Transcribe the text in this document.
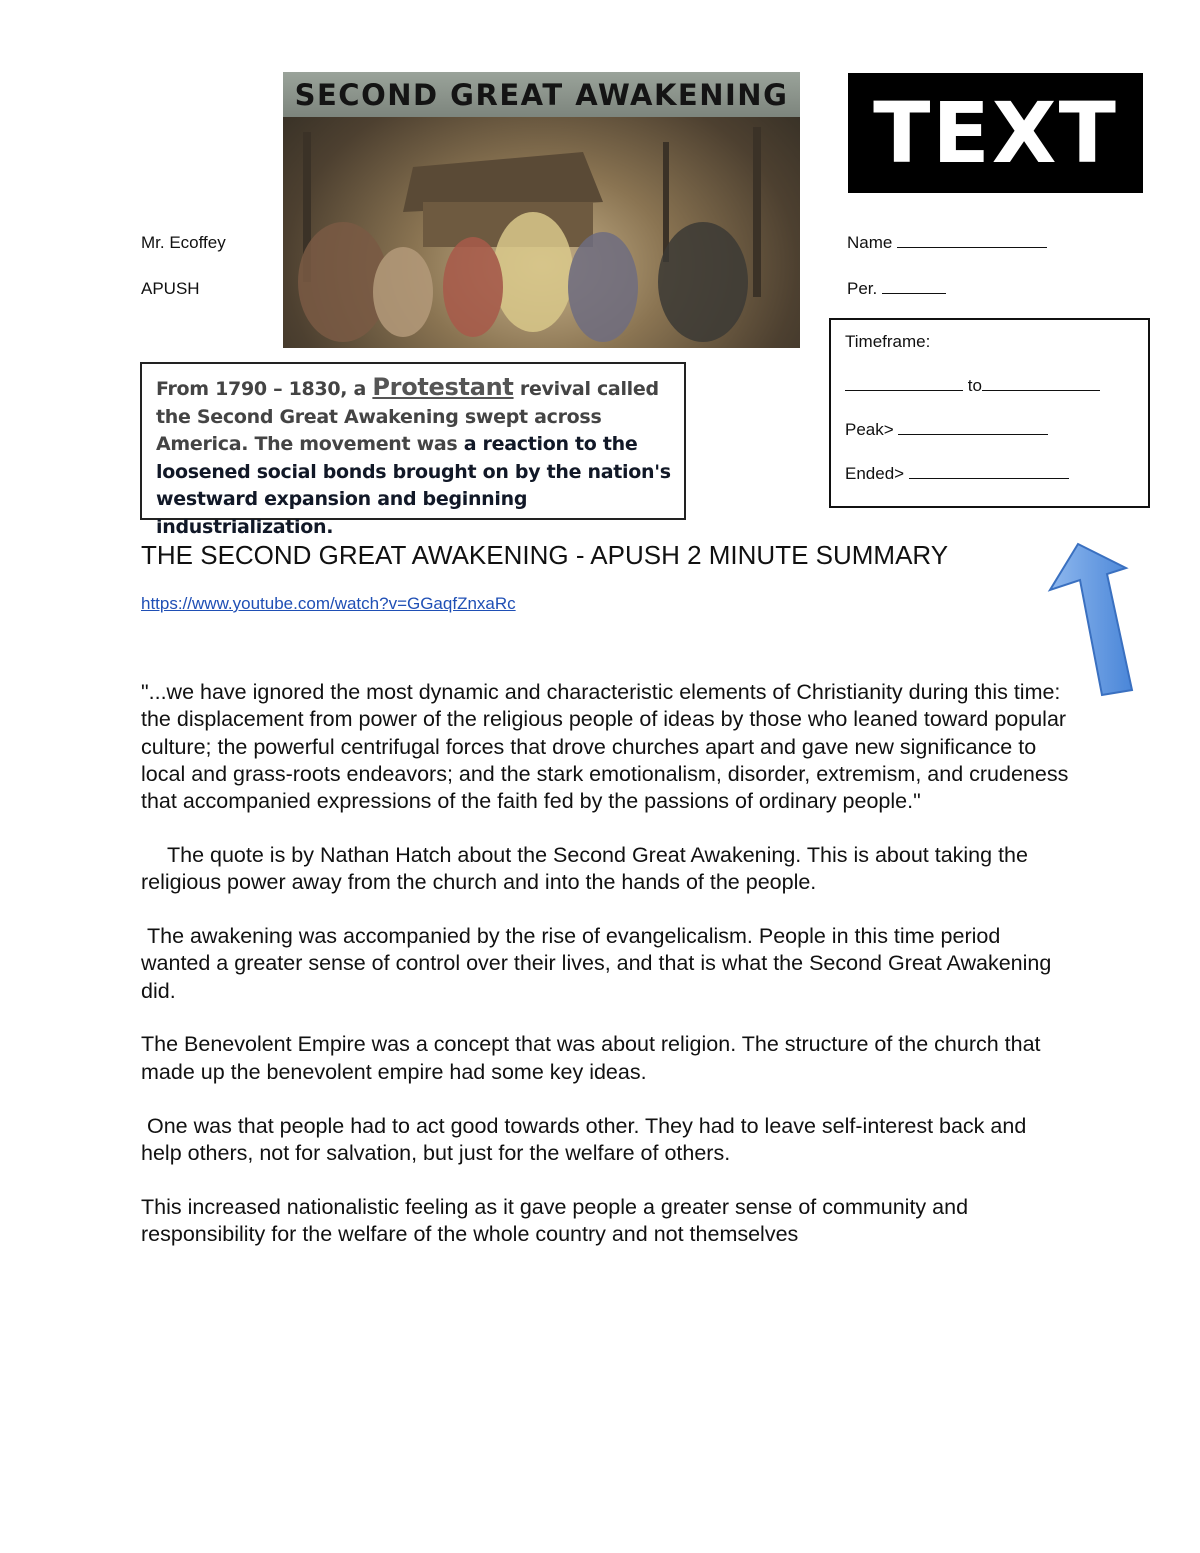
Mr. Ecoffey
APUSH
SECOND GREAT AWAKENING TEXT
Name
Per.
From 1790 – 1830, a Protestant revival called the Second Great Awakening swept across America. The movement was a reaction to the loosened social bonds brought on by the nation's westward expansion and beginning industrialization.
Timeframe:
to
Peak>
Ended>
THE SECOND GREAT AWAKENING - APUSH 2 MINUTE SUMMARY
https://www.youtube.com/watch?v=GGaqfZnxaRc

"...we have ignored the most dynamic and characteristic elements of Christianity during this time: the displacement from power of the religious people of ideas by those who leaned toward popular culture; the powerful centrifugal forces that drove churches apart and gave new significance to local and grass-roots endeavors; and the stark emotionalism, disorder, extremism, and crudeness that accompanied expressions of the faith fed by the passions of ordinary people."

The quote is by Nathan Hatch about the Second Great Awakening. This is about taking the religious power away from the church and into the hands of the people.

The awakening was accompanied by the rise of evangelicalism. People in this time period wanted a greater sense of control over their lives, and that is what the Second Great Awakening did.

The Benevolent Empire was a concept that was about religion. The structure of the church that made up the benevolent empire had some key ideas.

One was that people had to act good towards other. They had to leave self-interest back and help others, not for salvation, but just for the welfare of others.

This increased nationalistic feeling as it gave people a greater sense of community and responsibility for the welfare of the whole country and not themselves
